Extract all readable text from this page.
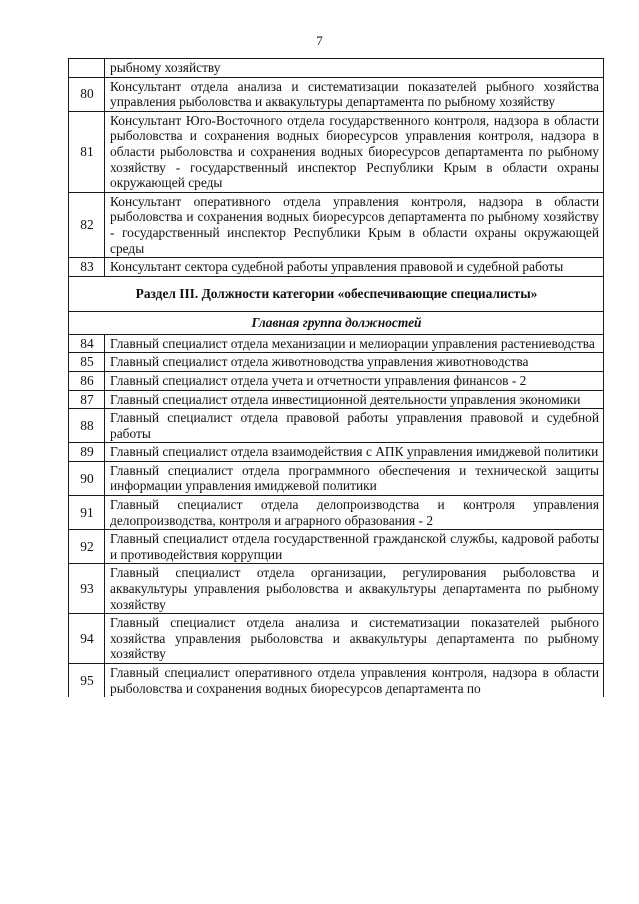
7
	рыбному хозяйству
80	Консультант отдела анализа и систематизации показателей рыбного хозяйства управления рыболовства и аквакультуры департамента по рыбному хозяйству
81	Консультант Юго-Восточного отдела государственного контроля, надзора в области рыболовства и сохранения водных биоресурсов управления контроля, надзора в области рыболовства и сохранения водных биоресурсов департамента по рыбному хозяйству - государственный инспектор Республики Крым в области охраны окружающей среды
82	Консультант оперативного отдела управления контроля, надзора в области рыболовства и сохранения водных биоресурсов департамента по рыбному хозяйству - государственный инспектор Республики Крым в области охраны окружающей среды
83	Консультант сектора судебной работы управления правовой и судебной работы
Раздел III. Должности категории «обеспечивающие специалисты»	
Главная группа должностей	
84	Главный специалист отдела механизации и мелиорации управления растениеводства
85	Главный специалист отдела животноводства управления животноводства
86	Главный специалист отдела учета и отчетности управления финансов - 2
87	Главный специалист отдела инвестиционной деятельности управления экономики
88	Главный специалист отдела правовой работы управления правовой и судебной работы
89	Главный специалист отдела взаимодействия с АПК управления имиджевой политики
90	Главный специалист отдела программного обеспечения и технической защиты информации управления имиджевой политики
91	Главный специалист отдела делопроизводства и контроля управления делопроизводства, контроля и аграрного образования - 2
92	Главный специалист отдела государственной гражданской службы, кадровой работы и противодействия коррупции
93	Главный специалист отдела организации, регулирования рыболовства и аквакультуры управления рыболовства и аквакультуры департамента по рыбному хозяйству
94	Главный специалист отдела анализа и систематизации показателей рыбного хозяйства управления рыболовства и аквакультуры департамента по рыбному хозяйству
95	Главный специалист оперативного отдела управления контроля, надзора в области рыболовства и сохранения водных биоресурсов департамента по
